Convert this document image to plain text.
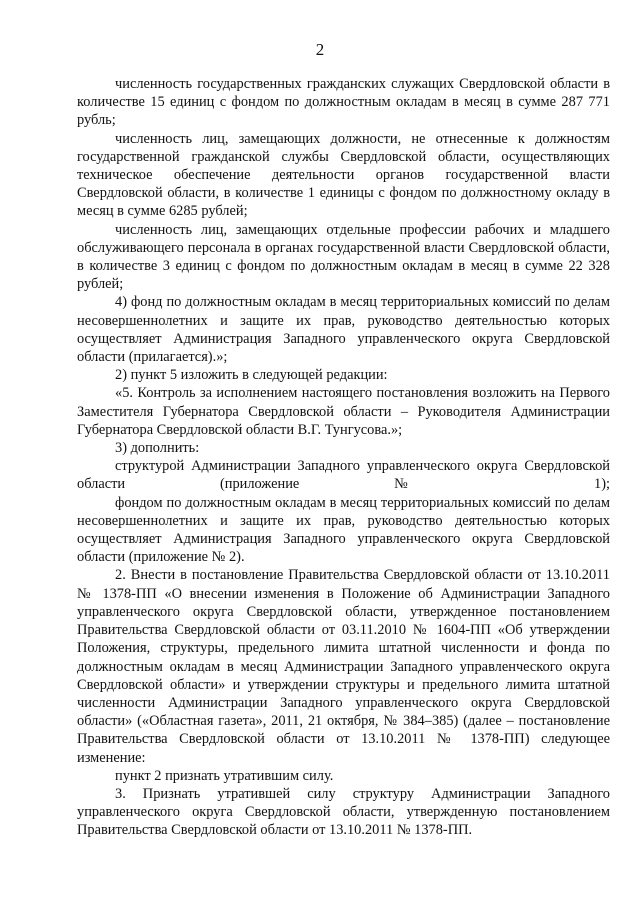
2

численность государственных гражданских служащих Свердловской области в количестве 15 единиц с фондом по должностным окладам в месяц в сумме 287 771 рубль;

численность лиц, замещающих должности, не отнесенные к должностям государственной гражданской службы Свердловской области, осуществляющих техническое обеспечение деятельности органов государственной власти Свердловской области, в количестве 1 единицы с фондом по должностному окладу в месяц в сумме 6285 рублей;

численность лиц, замещающих отдельные профессии рабочих и младшего обслуживающего персонала в органах государственной власти Свердловской области, в количестве 3 единиц с фондом по должностным окладам в месяц в сумме 22 328 рублей;

4) фонд по должностным окладам в месяц территориальных комиссий по делам несовершеннолетних и защите их прав, руководство деятельностью которых осуществляет Администрация Западного управленческого округа Свердловской области (прилагается).»;

2) пункт 5 изложить в следующей редакции:

«5. Контроль за исполнением настоящего постановления возложить на Первого Заместителя Губернатора Свердловской области – Руководителя Администрации Губернатора Свердловской области В.Г. Тунгусова.»;

3) дополнить:

структурой Администрации Западного управленческого округа Свердловской области (приложение № 1);

фондом по должностным окладам в месяц территориальных комиссий по делам несовершеннолетних и защите их прав, руководство деятельностью которых осуществляет Администрация Западного управленческого округа Свердловской области (приложение № 2).

2. Внести в постановление Правительства Свердловской области от 13.10.2011 № 1378-ПП «О внесении изменения в Положение об Администрации Западного управленческого округа Свердловской области, утвержденное постановлением Правительства Свердловской области от 03.11.2010 № 1604-ПП «Об утверждении Положения, структуры, предельного лимита штатной численности и фонда по должностным окладам в месяц Администрации Западного управленческого округа Свердловской области» и утверждении структуры и предельного лимита штатной численности Администрации Западного управленческого округа Свердловской области» («Областная газета», 2011, 21 октября, № 384–385) (далее – постановление Правительства Свердловской области от 13.10.2011 № 1378-ПП) следующее изменение:

пункт 2 признать утратившим силу.

3. Признать утратившей силу структуру Администрации Западного управленческого округа Свердловской области, утвержденную постановлением Правительства Свердловской области от 13.10.2011 № 1378-ПП.
